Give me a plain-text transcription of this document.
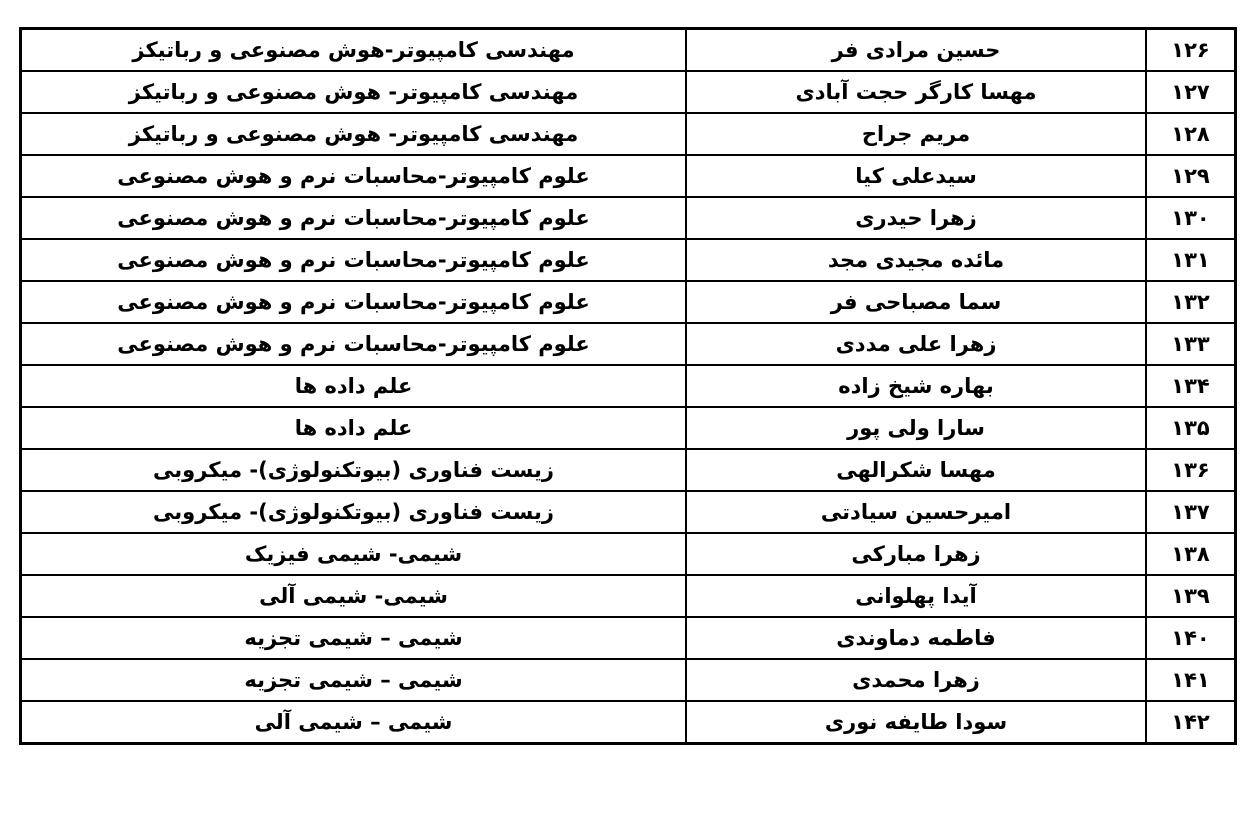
۱۲۶	حسین مرادی فر	مهندسی کامپیوتر-هوش مصنوعی و رباتیکز
۱۲۷	مهسا کارگر حجت آبادی	مهندسی کامپیوتر- هوش مصنوعی و رباتیکز
۱۲۸	مریم جراح	مهندسی کامپیوتر- هوش مصنوعی و رباتیکز
۱۲۹	سیدعلی کیا	علوم کامپیوتر-محاسبات نرم و هوش مصنوعی
۱۳۰	زهرا حیدری	علوم کامپیوتر-محاسبات نرم و هوش مصنوعی
۱۳۱	مائده مجیدی مجد	علوم کامپیوتر-محاسبات نرم و هوش مصنوعی
۱۳۲	سما مصباحی فر	علوم کامپیوتر-محاسبات نرم و هوش مصنوعی
۱۳۳	زهرا علی مددی	علوم کامپیوتر-محاسبات نرم و هوش مصنوعی
۱۳۴	بهاره شیخ زاده	علم داده ها
۱۳۵	سارا ولی پور	علم داده ها
۱۳۶	مهسا شکرالهی	زیست فناوری (بیوتکنولوژی)- میکروبی
۱۳۷	امیرحسین سیادتی	زیست فناوری (بیوتکنولوژی)- میکروبی
۱۳۸	زهرا مبارکی	شیمی- شیمی فیزیک
۱۳۹	آیدا پهلوانی	شیمی- شیمی آلی
۱۴۰	فاطمه دماوندی	شیمی – شیمی تجزیه
۱۴۱	زهرا محمدی	شیمی – شیمی تجزیه
۱۴۲	سودا طایفه نوری	شیمی – شیمی آلی
